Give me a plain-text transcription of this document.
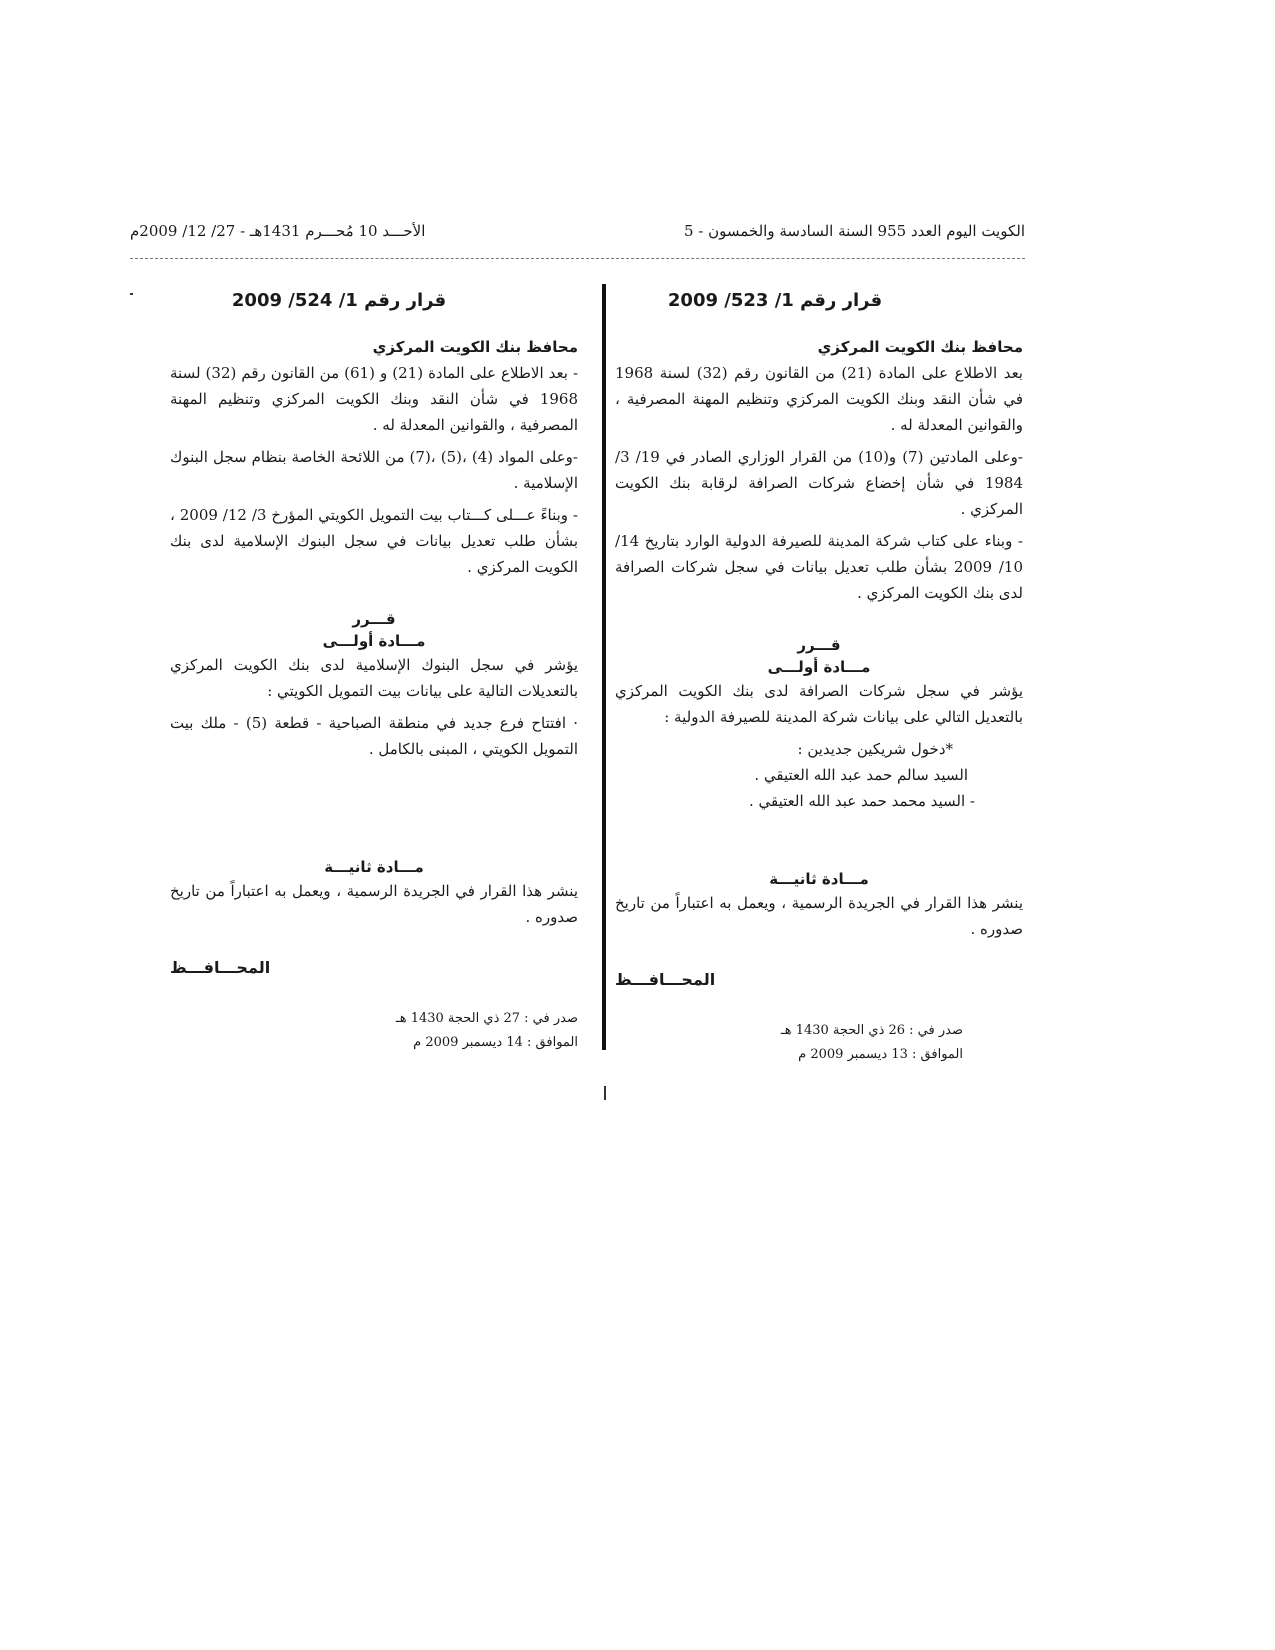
الكويت اليوم العدد 955 السنة السادسة والخمسون - 5
الأحـــد 10 مُحـــرم 1431هـ - 27/ 12/ 2009م
قرار رقم 1/ 523/ 2009
محافظ بنك الكويت المركزي

بعد الاطلاع على المادة (21) من القانون رقم (32) لسنة 1968 في شأن النقد وبنك الكويت المركزي وتنظيم المهنة المصرفية ، والقوانين المعدلة له .

-وعلى المادتين (7) و(10) من القرار الوزاري الصادر في 19/ 3/ 1984 في شأن إخضاع شركات الصرافة لرقابة بنك الكويت المركزي .

- وبناء على كتاب شركة المدينة للصيرفة الدولية الوارد بتاريخ 14/ 10/ 2009 بشأن طلب تعديل بيانات في سجل شركات الصرافة لدى بنك الكويت المركزي .

قـــرر

مـــادة أولـــى

يؤشر في سجل شركات الصرافة لدى بنك الكويت المركزي بالتعديل التالي على بيانات شركة المدينة للصيرفة الدولية :

*دخول شريكين جديدين :

السيد سالم حمد عبد الله العتيقي .

- السيد محمد حمد عبد الله العتيقي .

مـــادة ثانيـــة

ينشر هذا القرار في الجريدة الرسمية ، ويعمل به اعتباراً من تاريخ صدوره .

المحـــافـــظ
صدر في : 26 ذي الحجة 1430 هـ
الموافق : 13 ديسمبر 2009 م
قرار رقم 1/ 524/ 2009
محافظ بنك الكويت المركزي

- بعد الاطلاع على المادة (21) و (61) من القانون رقم (32) لسنة 1968 في شأن النقد وبنك الكويت المركزي وتنظيم المهنة المصرفية ، والقوانين المعدلة له .

-وعلى المواد (4) ،(5) ،(7) من اللائحة الخاصة بنظام سجل البنوك الإسلامية .

- وبناءً عـــلى كـــتاب بيت التمويل الكويتي المؤرخ 3/ 12/ 2009 ، بشأن طلب تعديل بيانات في سجل البنوك الإسلامية لدى بنك الكويت المركزي .

قـــرر

مـــادة أولـــى

يؤشر في سجل البنوك الإسلامية لدى بنك الكويت المركزي بالتعديلات التالية على بيانات بيت التمويل الكويتي :

· افتتاح فرع جديد في منطقة الصباحية - قطعة (5) - ملك بيت التمويل الكويتي ، المبنى بالكامل .

مـــادة ثانيـــة

ينشر هذا القرار في الجريدة الرسمية ، ويعمل به اعتباراً من تاريخ صدوره .

المحـــافـــظ
صدر في : 27 ذي الحجة 1430 هـ
الموافق : 14 ديسمبر 2009 م
